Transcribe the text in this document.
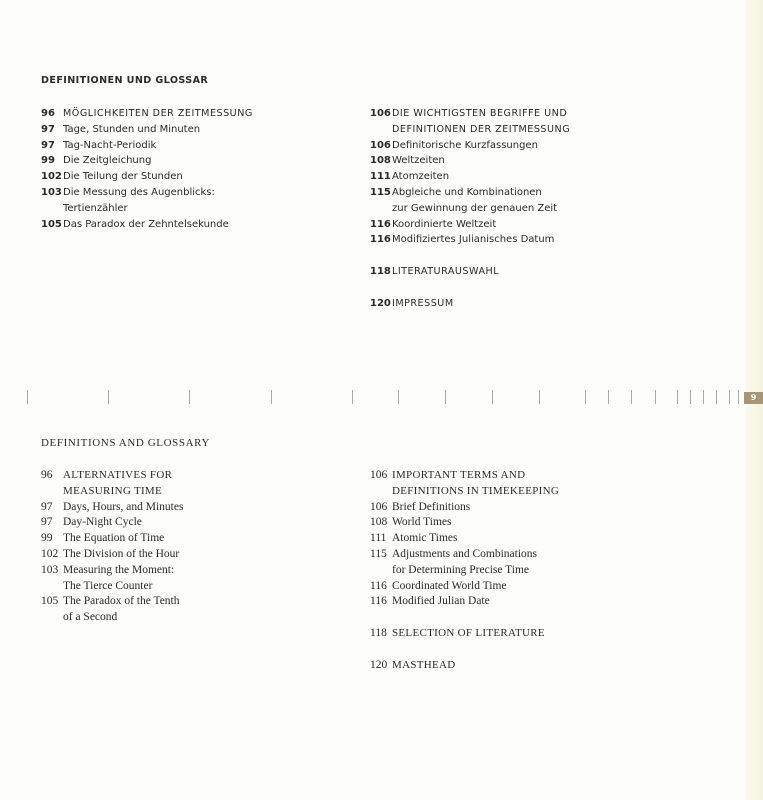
DEFINITIONEN UND GLOSSAR
96 MÖGLICHKEITEN DER ZEITMESSUNG
97 Tage, Stunden und Minuten
97 Tag-Nacht-Periodik
99 Die Zeitgleichung
102 Die Teilung der Stunden
103 Die Messung des Augenblicks:
Tertienzähler
105 Das Paradox der Zehntelsekunde
106 DIE WICHTIGSTEN BEGRIFFE UND
DEFINITIONEN DER ZEITMESSUNG
106 Definitorische Kurzfassungen
108 Weltzeiten
111 Atomzeiten
115 Abgleiche und Kombinationen
zur Gewinnung der genauen Zeit
116 Koordinierte Weltzeit
116 Modifiziertes Julianisches Datum
118 LITERATURAUSWAHL
120 IMPRESSUM
9
DEFINITIONS AND GLOSSARY
96 ALTERNATIVES FOR
MEASURING TIME
97 Days, Hours, and Minutes
97 Day-Night Cycle
99 The Equation of Time
102 The Division of the Hour
103 Measuring the Moment:
The Tierce Counter
105 The Paradox of the Tenth
of a Second
106 IMPORTANT TERMS AND
DEFINITIONS IN TIMEKEEPING
106 Brief Definitions
108 World Times
111 Atomic Times
115 Adjustments and Combinations
for Determining Precise Time
116 Coordinated World Time
116 Modified Julian Date
118 SELECTION OF LITERATURE
120 MASTHEAD
